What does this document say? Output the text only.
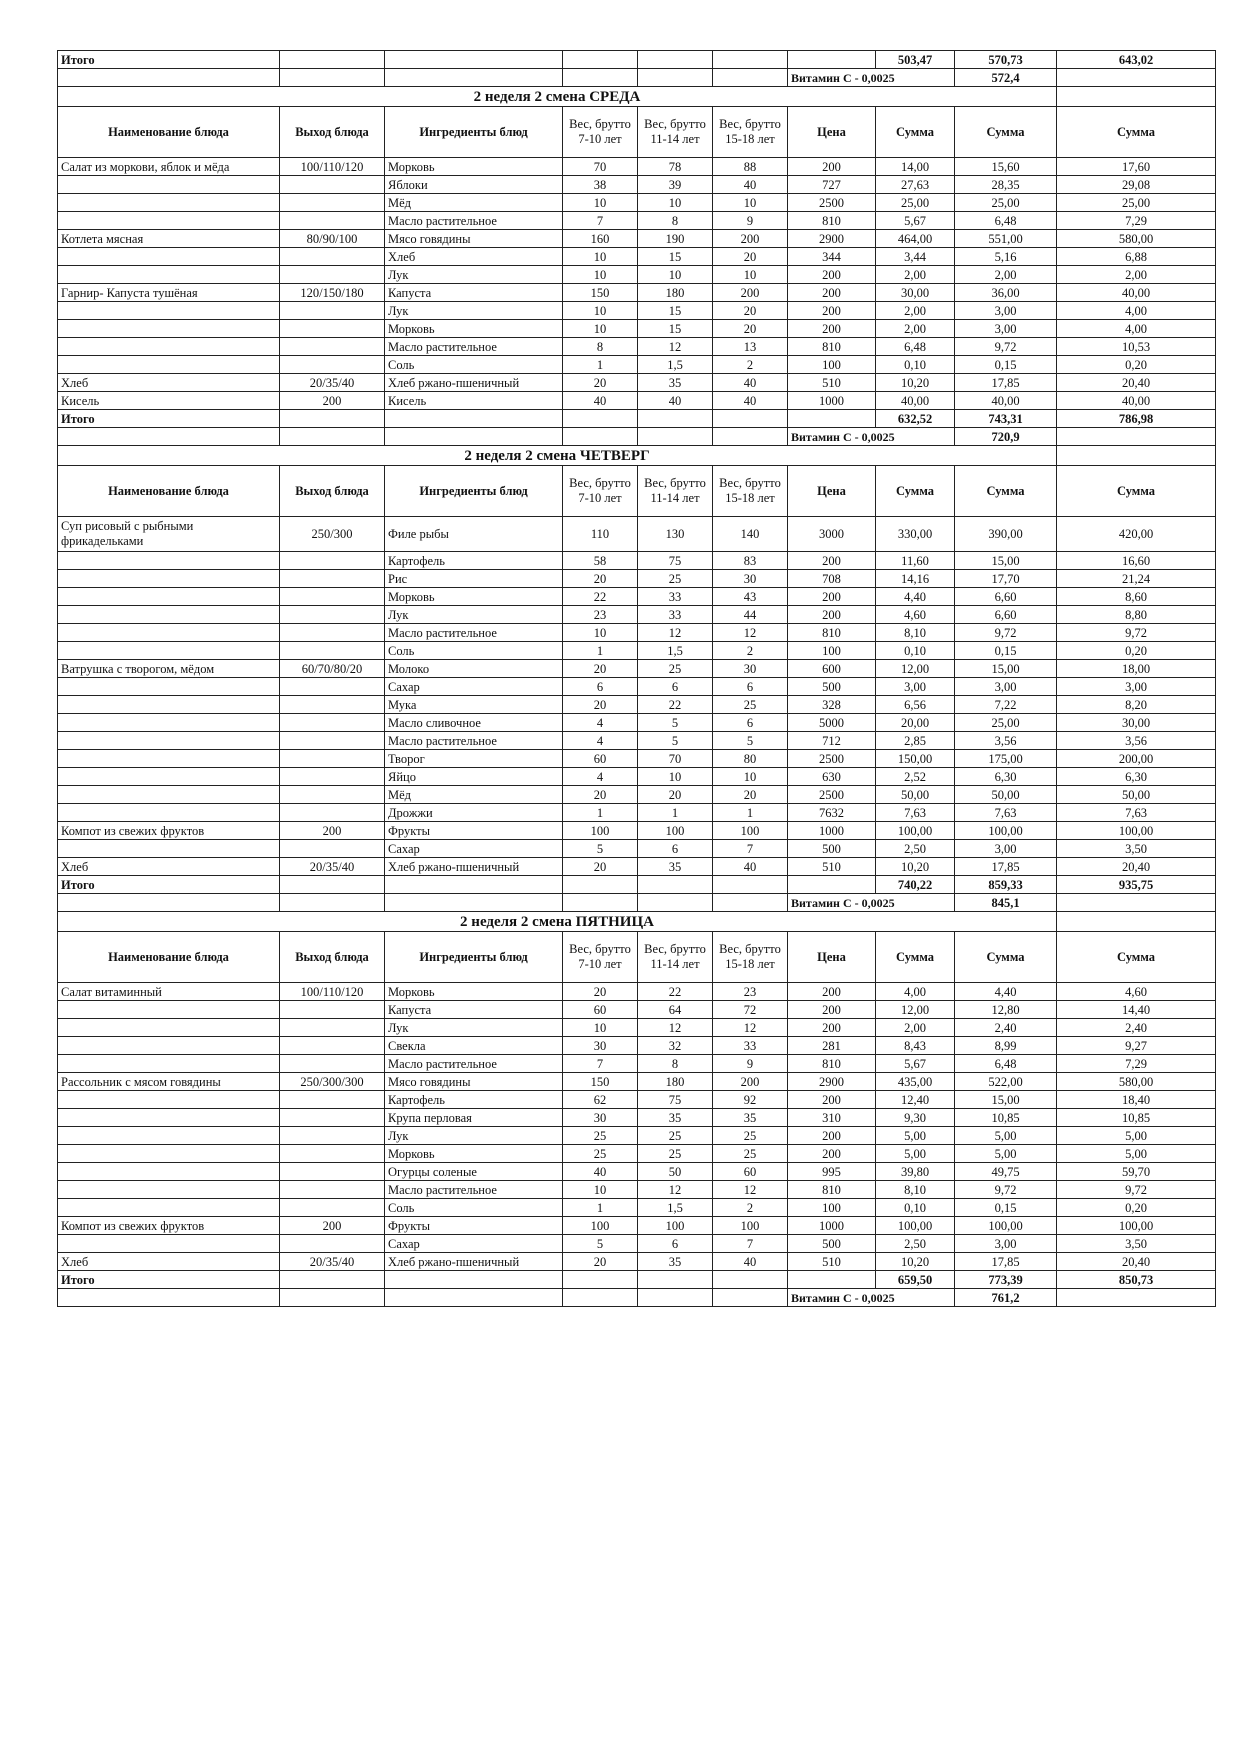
Итого							503,47	570,73	643,02
						Витамин С - 0,0025		572,4	
2 неделя 2 смена СРЕДА									
Наименование блюда	Выход блюда	Ингредиенты блюд	Вес, брутто 7-10 лет	Вес, брутто 11-14 лет	Вес, брутто 15-18 лет	Цена	Сумма	Сумма	Сумма
Салат из моркови, яблок и мёда	100/110/120	Морковь	70	78	88	200	14,00	15,60	17,60
		Яблоки	38	39	40	727	27,63	28,35	29,08
		Мёд	10	10	10	2500	25,00	25,00	25,00
		Масло растительное	7	8	9	810	5,67	6,48	7,29
Котлета мясная	80/90/100	Мясо говядины	160	190	200	2900	464,00	551,00	580,00
		Хлеб	10	15	20	344	3,44	5,16	6,88
		Лук	10	10	10	200	2,00	2,00	2,00
Гарнир- Капуста тушёная	120/150/180	Капуста	150	180	200	200	30,00	36,00	40,00
		Лук	10	15	20	200	2,00	3,00	4,00
		Морковь	10	15	20	200	2,00	3,00	4,00
		Масло растительное	8	12	13	810	6,48	9,72	10,53
		Соль	1	1,5	2	100	0,10	0,15	0,20
Хлеб	20/35/40	Хлеб ржано-пшеничный	20	35	40	510	10,20	17,85	20,40
Кисель	200	Кисель	40	40	40	1000	40,00	40,00	40,00
Итого							632,52	743,31	786,98
						Витамин С - 0,0025		720,9	
2 неделя 2 смена ЧЕТВЕРГ									
Наименование блюда	Выход блюда	Ингредиенты блюд	Вес, брутто 7-10 лет	Вес, брутто 11-14 лет	Вес, брутто 15-18 лет	Цена	Сумма	Сумма	Сумма
Суп рисовый с рыбными фрикадельками	250/300	Филе рыбы	110	130	140	3000	330,00	390,00	420,00
		Картофель	58	75	83	200	11,60	15,00	16,60
		Рис	20	25	30	708	14,16	17,70	21,24
		Морковь	22	33	43	200	4,40	6,60	8,60
		Лук	23	33	44	200	4,60	6,60	8,80
		Масло растительное	10	12	12	810	8,10	9,72	9,72
		Соль	1	1,5	2	100	0,10	0,15	0,20
Ватрушка с творогом, мёдом	60/70/80/20	Молоко	20	25	30	600	12,00	15,00	18,00
		Сахар	6	6	6	500	3,00	3,00	3,00
		Мука	20	22	25	328	6,56	7,22	8,20
		Масло сливочное	4	5	6	5000	20,00	25,00	30,00
		Масло растительное	4	5	5	712	2,85	3,56	3,56
		Творог	60	70	80	2500	150,00	175,00	200,00
		Яйцо	4	10	10	630	2,52	6,30	6,30
		Мёд	20	20	20	2500	50,00	50,00	50,00
		Дрожжи	1	1	1	7632	7,63	7,63	7,63
Компот из свежих фруктов	200	Фрукты	100	100	100	1000	100,00	100,00	100,00
		Сахар	5	6	7	500	2,50	3,00	3,50
Хлеб	20/35/40	Хлеб ржано-пшеничный	20	35	40	510	10,20	17,85	20,40
Итого							740,22	859,33	935,75
						Витамин С - 0,0025		845,1	
2 неделя 2 смена ПЯТНИЦА									
Наименование блюда	Выход блюда	Ингредиенты блюд	Вес, брутто 7-10 лет	Вес, брутто 11-14 лет	Вес, брутто 15-18 лет	Цена	Сумма	Сумма	Сумма
Салат витаминный	100/110/120	Морковь	20	22	23	200	4,00	4,40	4,60
		Капуста	60	64	72	200	12,00	12,80	14,40
		Лук	10	12	12	200	2,00	2,40	2,40
		Свекла	30	32	33	281	8,43	8,99	9,27
		Масло растительное	7	8	9	810	5,67	6,48	7,29
Рассольник с мясом говядины	250/300/300	Мясо говядины	150	180	200	2900	435,00	522,00	580,00
		Картофель	62	75	92	200	12,40	15,00	18,40
		Крупа перловая	30	35	35	310	9,30	10,85	10,85
		Лук	25	25	25	200	5,00	5,00	5,00
		Морковь	25	25	25	200	5,00	5,00	5,00
		Огурцы соленые	40	50	60	995	39,80	49,75	59,70
		Масло растительное	10	12	12	810	8,10	9,72	9,72
		Соль	1	1,5	2	100	0,10	0,15	0,20
Компот из свежих фруктов	200	Фрукты	100	100	100	1000	100,00	100,00	100,00
		Сахар	5	6	7	500	2,50	3,00	3,50
Хлеб	20/35/40	Хлеб ржано-пшеничный	20	35	40	510	10,20	17,85	20,40
Итого							659,50	773,39	850,73
						Витамин С - 0,0025		761,2	
